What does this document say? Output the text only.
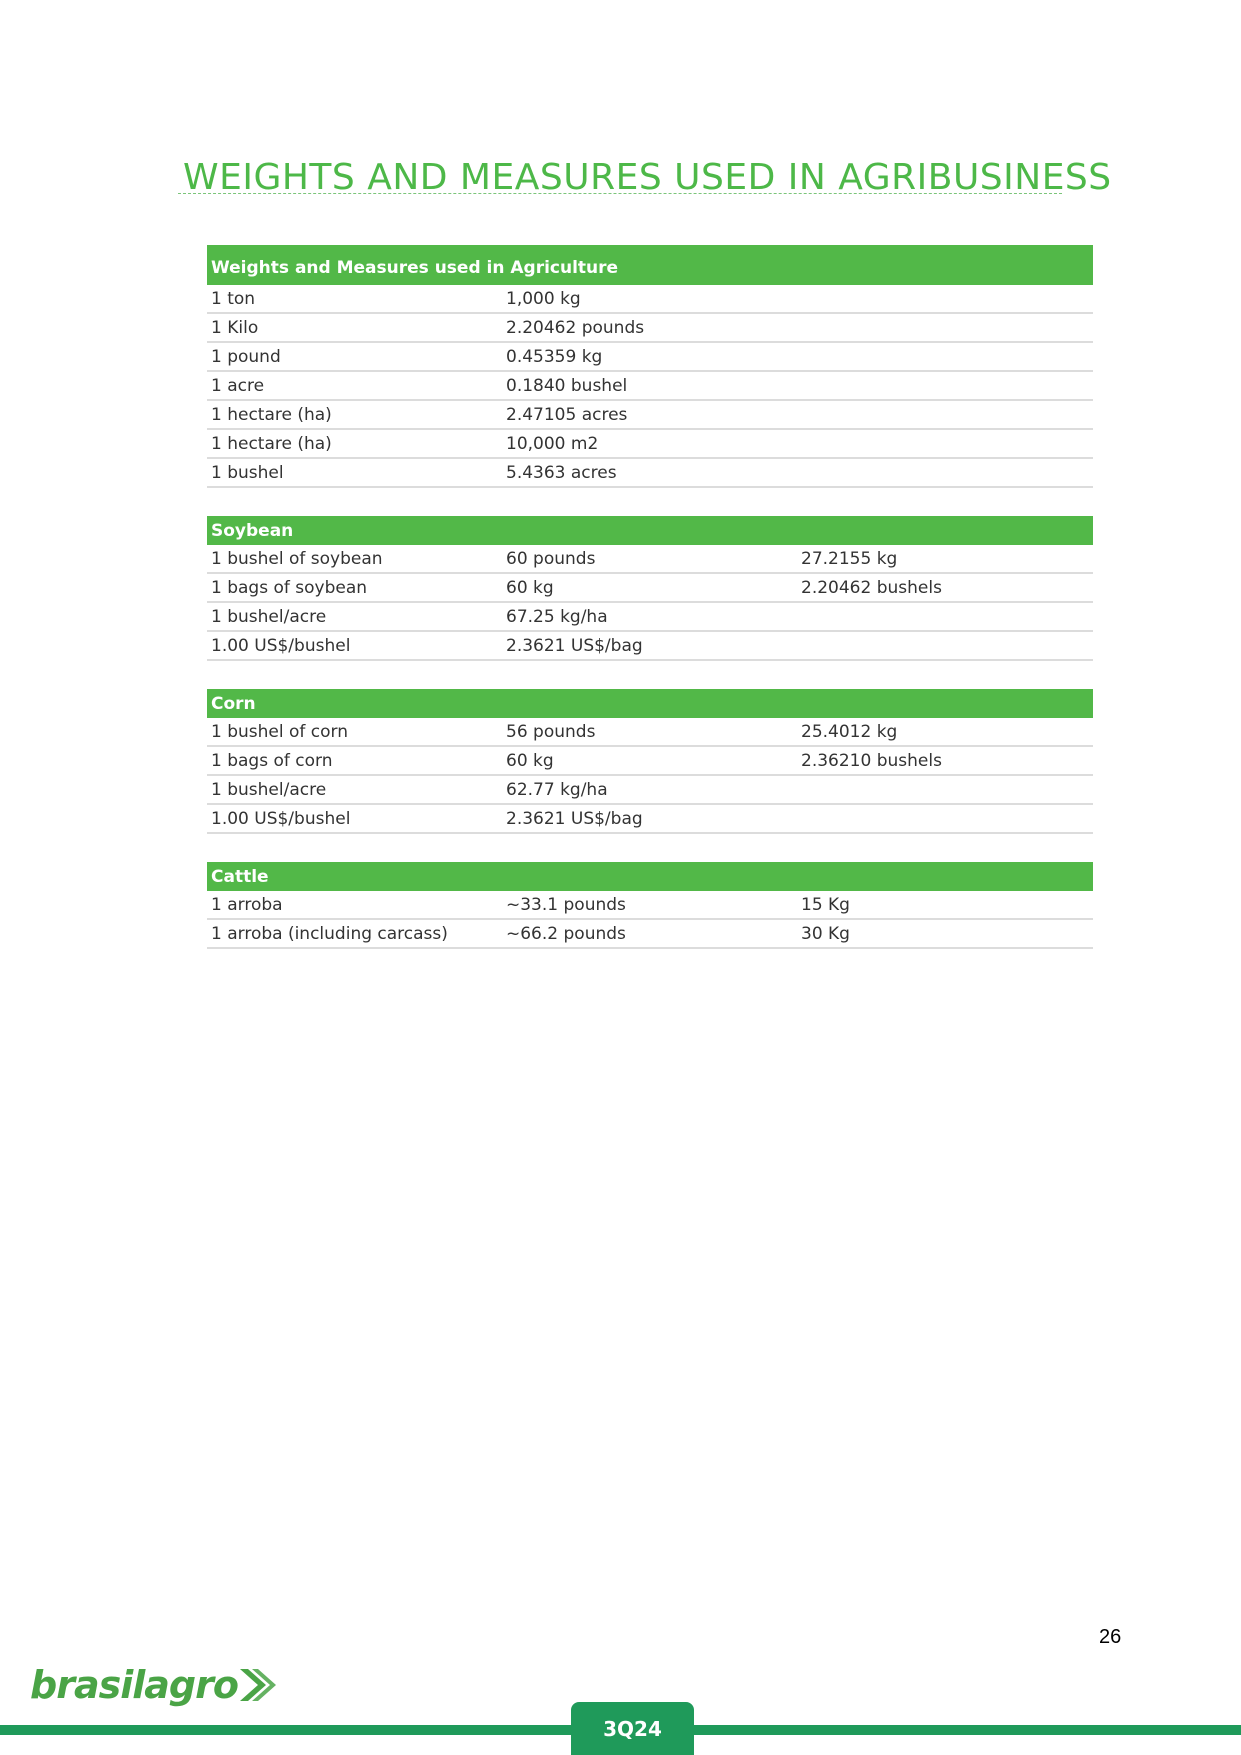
WEIGHTS AND MEASURES USED IN AGRIBUSINESS
Weights and Measures used in Agriculture
1 ton	1,000 kg
1 Kilo	2.20462 pounds
1 pound	0.45359 kg
1 acre	0.1840 bushel
1 hectare (ha)	2.47105 acres
1 hectare (ha)	10,000 m2
1 bushel	5.4363 acres
Soybean
1 bushel of soybean	60 pounds	27.2155 kg
1 bags of soybean	60 kg	2.20462 bushels
1 bushel/acre	67.25 kg/ha
1.00 US$/bushel	2.3621 US$/bag
Corn
1 bushel of corn	56 pounds	25.4012 kg
1 bags of corn	60 kg	2.36210 bushels
1 bushel/acre	62.77 kg/ha
1.00 US$/bushel	2.3621 US$/bag
Cattle
1 arroba	~33.1 pounds	15 Kg
1 arroba (including carcass)	~66.2 pounds	30 Kg
26
brasilagro
3Q24
